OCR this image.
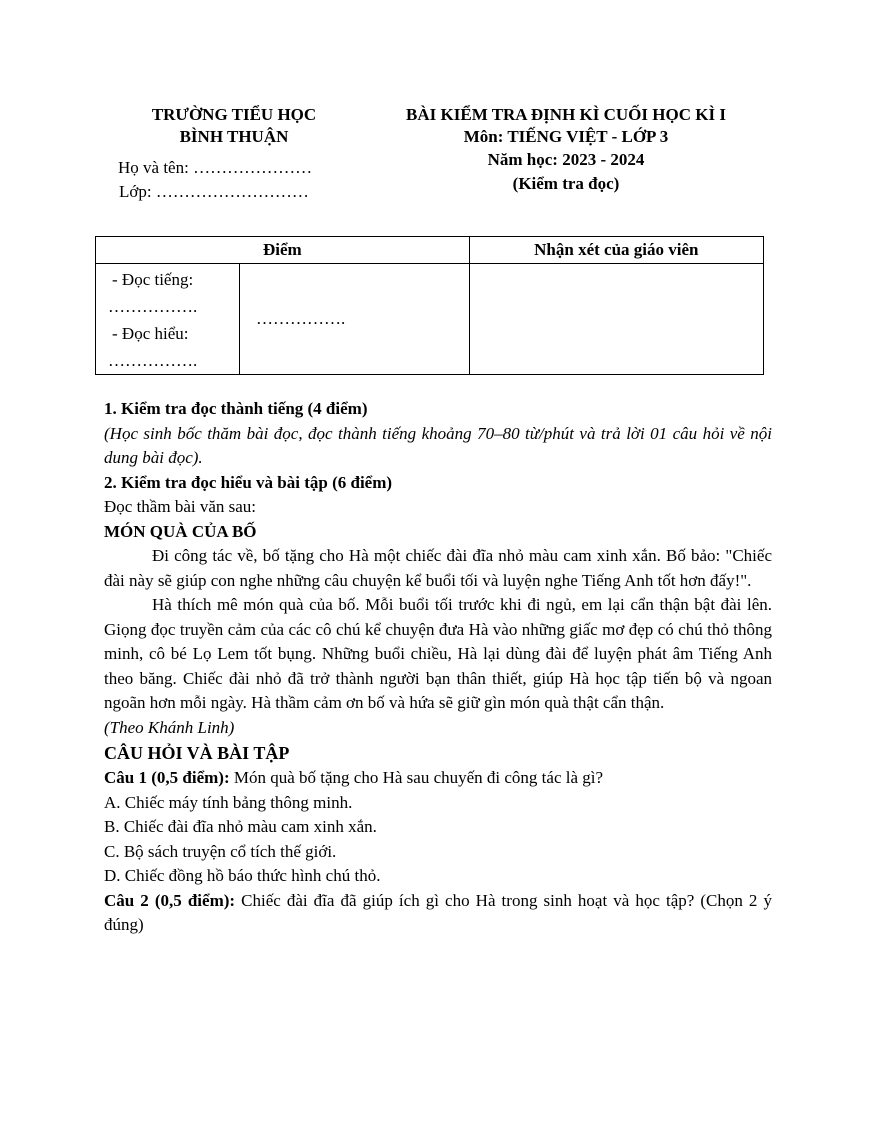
TRƯỜNG TIỂU HỌC
BÌNH THUẬN
Họ và tên: …………………
Lớp: ………………………
BÀI KIỂM TRA ĐỊNH KÌ CUỐI HỌC KÌ I
Môn: TIẾNG VIỆT - LỚP 3
Năm học: 2023 - 2024
(Kiểm tra đọc)
Điểm		Nhận xét của giáo viên

- Đọc tiếng:
…………….
- Đọc hiểu:
…………….	…………….	

1. Kiểm tra đọc thành tiếng (4 điểm)

(Học sinh bốc thăm bài đọc, đọc thành tiếng khoảng 70–80 từ/phút và trả lời 01 câu hỏi về nội dung bài đọc).

2. Kiểm tra đọc hiểu và bài tập (6 điểm)

Đọc thầm bài văn sau:

MÓN QUÀ CỦA BỐ

Đi công tác về, bố tặng cho Hà một chiếc đài đĩa nhỏ màu cam xinh xắn. Bố bảo: "Chiếc đài này sẽ giúp con nghe những câu chuyện kể buổi tối và luyện nghe Tiếng Anh tốt hơn đấy!".

Hà thích mê món quà của bố. Mỗi buổi tối trước khi đi ngủ, em lại cẩn thận bật đài lên. Giọng đọc truyền cảm của các cô chú kể chuyện đưa Hà vào những giấc mơ đẹp có chú thỏ thông minh, cô bé Lọ Lem tốt bụng. Những buổi chiều, Hà lại dùng đài để luyện phát âm Tiếng Anh theo băng. Chiếc đài nhỏ đã trở thành người bạn thân thiết, giúp Hà học tập tiến bộ và ngoan ngoãn hơn mỗi ngày. Hà thầm cảm ơn bố và hứa sẽ giữ gìn món quà thật cẩn thận.

(Theo Khánh Linh)

CÂU HỎI VÀ BÀI TẬP

Câu 1 (0,5 điểm): Món quà bố tặng cho Hà sau chuyến đi công tác là gì?

A. Chiếc máy tính bảng thông minh.

B. Chiếc đài đĩa nhỏ màu cam xinh xắn.

C. Bộ sách truyện cổ tích thế giới.

D. Chiếc đồng hồ báo thức hình chú thỏ.

Câu 2 (0,5 điểm): Chiếc đài đĩa đã giúp ích gì cho Hà trong sinh hoạt và học tập? (Chọn 2 ý đúng)
